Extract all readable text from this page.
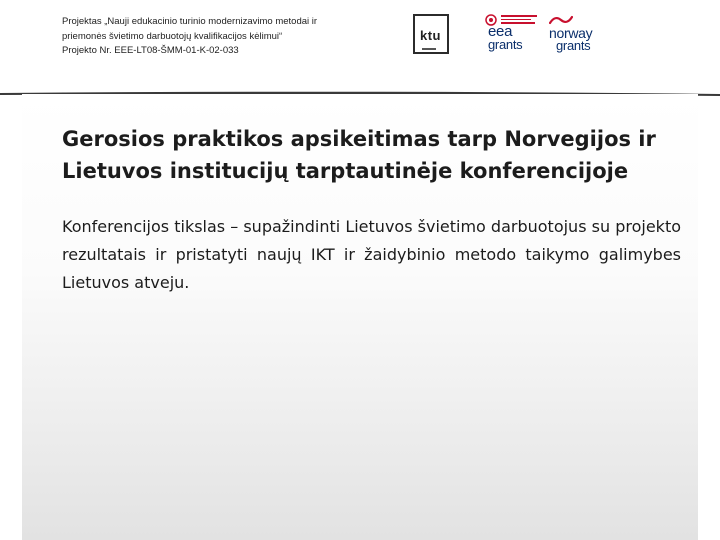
Projektas „Nauji edukacinio turinio modernizavimo metodai ir
priemonės švietimo darbuotojų kvalifikacijos kėlimui“
Projekto Nr. EEE-LT08-ŠMM-01-K-02-033
ktu	eea
grants
norway
grants
Gerosios praktikos apsikeitimas tarp Norvegijos ir Lietuvos institucijų tarptautinėje konferencijoje
Konferencijos tikslas – supažindinti Lietuvos švietimo darbuotojus su projekto rezultatais ir pristatyti naujų IKT ir žaidybinio metodo taikymo galimybes Lietuvos atveju.
